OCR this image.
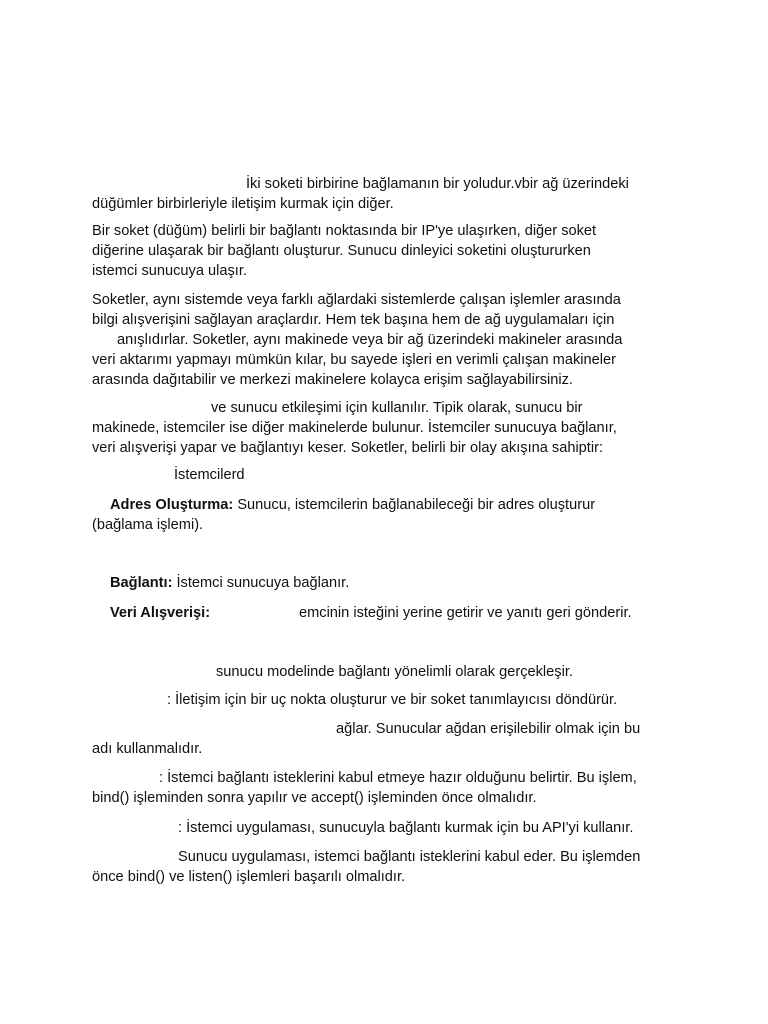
İki soketi birbirine bağlamanın bir yoludur.vbir ağ üzerindeki

düğümler birbirleriyle iletişim kurmak için diğer.

Bir soket (düğüm) belirli bir bağlantı noktasında bir IP'ye ulaşırken, diğer soket

diğerine ulaşarak bir bağlantı oluşturur. Sunucu dinleyici soketini oluştururken

istemci sunucuya ulaşır.

Soketler, aynı sistemde veya farklı ağlardaki sistemlerde çalışan işlemler arasında

bilgi alışverişini sağlayan araçlardır. Hem tek başına hem de ağ uygulamaları için

anışlıdırlar. Soketler, aynı makinede veya bir ağ üzerindeki makineler arasında

veri aktarımı yapmayı mümkün kılar, bu sayede işleri en verimli çalışan makineler

arasında dağıtabilir ve merkezi makinelere kolayca erişim sağlayabilirsiniz.

ve sunucu etkileşimi için kullanılır. Tipik olarak, sunucu bir

makinede, istemciler ise diğer makinelerde bulunur. İstemciler sunucuya bağlanır,

veri alışverişi yapar ve bağlantıyı keser. Soketler, belirli bir olay akışına sahiptir:

İstemcilerd

Adres Oluşturma: Sunucu, istemcilerin bağlanabileceği bir adres oluşturur

(bağlama işlemi).

Bağlantı: İstemci sunucuya bağlanır.

Veri Alışverişi:	emcinin isteğini yerine getirir ve yanıtı geri gönderir.

sunucu modelinde bağlantı yönelimli olarak gerçekleşir.

: İletişim için bir uç nokta oluşturur ve bir soket tanımlayıcısı döndürür.

ağlar. Sunucular ağdan erişilebilir olmak için bu

adı kullanmalıdır.

: İstemci bağlantı isteklerini kabul etmeye hazır olduğunu belirtir. Bu işlem,

bind() işleminden sonra yapılır ve accept() işleminden önce olmalıdır.

: İstemci uygulaması, sunucuyla bağlantı kurmak için bu API'yi kullanır.

Sunucu uygulaması, istemci bağlantı isteklerini kabul eder. Bu işlemden

önce bind() ve listen() işlemleri başarılı olmalıdır.
